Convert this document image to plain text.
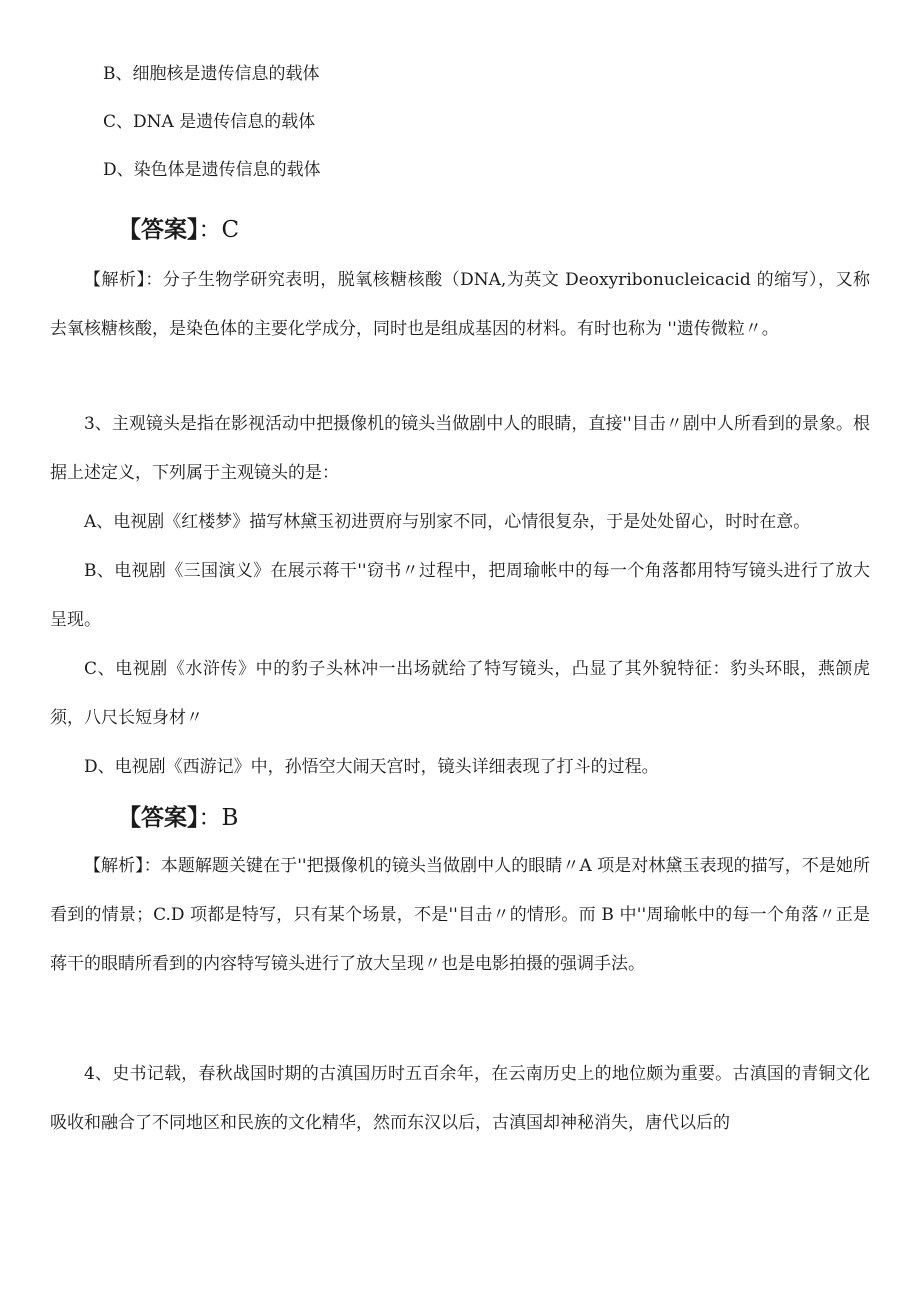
B、细胞核是遗传信息的载体
C、DNA 是遗传信息的载体
D、染色体是遗传信息的载体
【答案】：C
【解析】：分子生物学研究表明，脱氧核糖核酸（DNA,为英文 Deoxyribonucleicacid 的缩写），又称去氧核糖核酸，是染色体的主要化学成分，同时也是组成基因的材料。有时也称为 ''遗传微粒〃。
3、主观镜头是指在影视活动中把摄像机的镜头当做剧中人的眼睛，直接''目击〃剧中人所看到的景象。根据上述定义，下列属于主观镜头的是：
A、电视剧《红楼梦》描写林黛玉初进贾府与别家不同，心情很复杂，于是处处留心，时时在意。
B、电视剧《三国演义》在展示蒋干''窃书〃过程中，把周瑜帐中的每一个角落都用特写镜头进行了放大呈现。
C、电视剧《水浒传》中的豹子头林冲一出场就给了特写镜头，凸显了其外貌特征：豹头环眼，燕颌虎须，八尺长短身材〃
D、电视剧《西游记》中，孙悟空大闹天宫时，镜头详细表现了打斗的过程。
【答案】：B
【解析】：本题解题关键在于''把摄像机的镜头当做剧中人的眼睛〃A 项是对林黛玉表现的描写，不是她所看到的情景；C.D 项都是特写，只有某个场景，不是''目击〃的情形。而 B 中''周瑜帐中的每一个角落〃正是蒋干的眼睛所看到的内容特写镜头进行了放大呈现〃也是电影拍摄的强调手法。
4、史书记载，春秋战国时期的古滇国历时五百余年，在云南历史上的地位颇为重要。古滇国的青铜文化吸收和融合了不同地区和民族的文化精华，然而东汉以后，古滇国却神秘消失，唐代以后的
